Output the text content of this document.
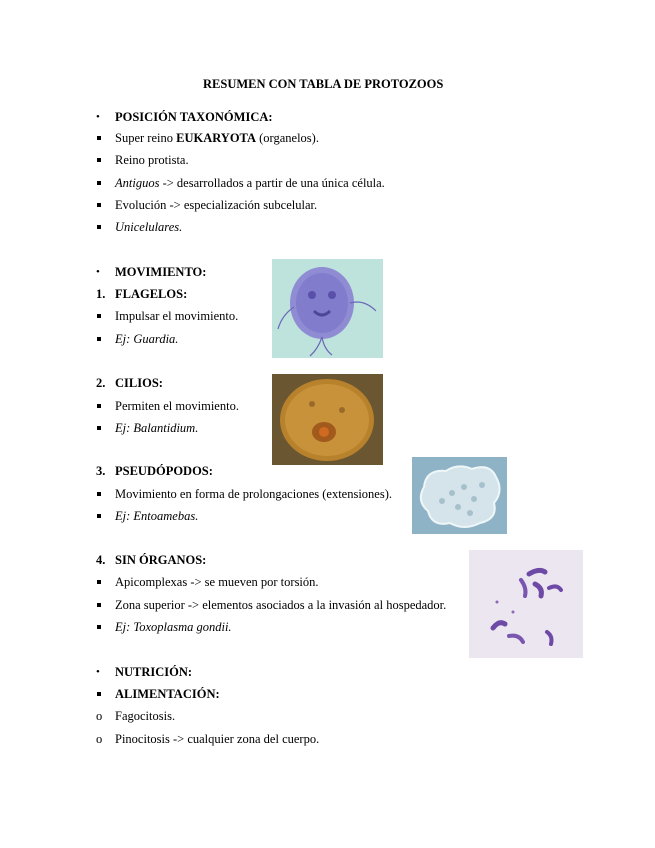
RESUMEN CON TABLA DE PROTOZOOS
• POSICIÓN TAXONÓMICA:
Super reino EUKARYOTA (organelos).
Reino protista.
Antiguos -> desarrollados a partir de una única célula.
Evolución -> especialización subcelular.
Unicelulares.
• MOVIMIENTO:
1. FLAGELOS:
Impulsar el movimiento.
Ej: Guardia.
2. CILIOS:
Permiten el movimiento.
Ej: Balantidium.
3. PSEUDÓPODOS:
Movimiento en forma de prolongaciones (extensiones).
Ej: Entoamebas.
4. SIN ÓRGANOS:
Apicomplexas -> se mueven por torsión.
Zona superior -> elementos asociados a la invasión al hospedador.
Ej: Toxoplasma gondii.
• NUTRICIÓN:
ALIMENTACIÓN:
o Fagocitosis.
o Pinocitosis -> cualquier zona del cuerpo.
